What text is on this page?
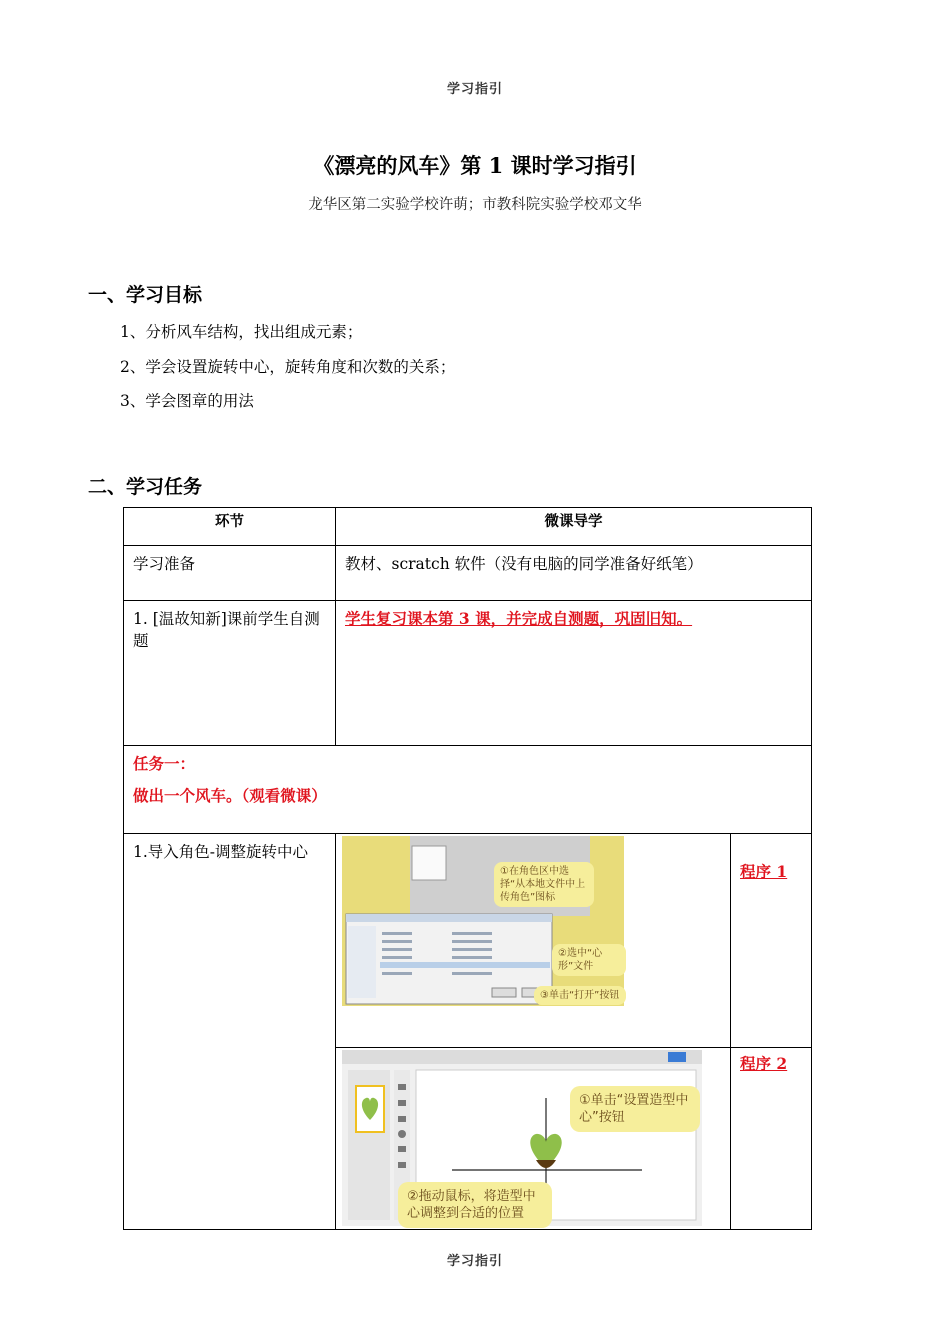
学习指引
《漂亮的风车》第 1 课时学习指引
龙华区第二实验学校许萌；市教科院实验学校邓文华
一、学习目标
1、分析风车结构，找出组成元素；
2、学会设置旋转中心，旋转角度和次数的关系；
3、学会图章的用法
二、学习任务
环节	微课导学	
学习准备	教材、scratch 软件（没有电脑的同学准备好纸笔）	
1. [温故知新]课前学生自测题	学生复习课本第 3 课，并完成自测题，巩固旧知。	

任务一：
做出一个风车。（观看微课）		

1.导入角色-调整旋转中心	①在角色区中选择“从本地文件中上传角色”图标
②选中“心形”文件
③单击“打开”按钮	程序 1

	①单击“设置造型中心”按钮
②拖动鼠标，将造型中心调整到合适的位置	程序 2
学习指引
